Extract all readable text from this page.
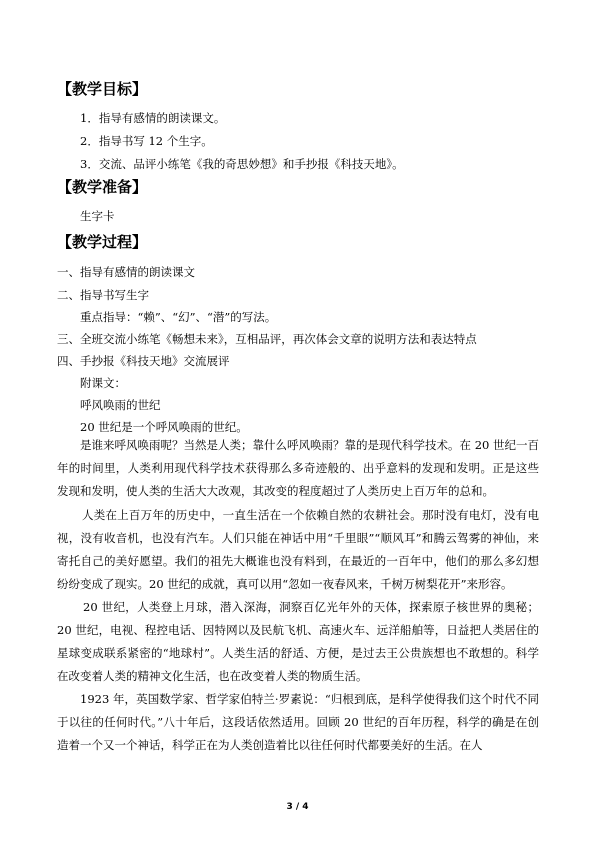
【教学目标】
1．指导有感情的朗读课文。
2．指导书写 12 个生字。
3．交流、品评小练笔《我的奇思妙想》和手抄报《科技天地》。
【教学准备】
生字卡
【教学过程】
一、指导有感情的朗读课文
二、指导书写生字
重点指导：“赖”、“幻”、“潜”的写法。
三、全班交流小练笔《畅想未来》，互相品评，再次体会文章的说明方法和表达特点
四、手抄报《科技天地》交流展评
附课文：
呼风唤雨的世纪
20 世纪是一个呼风唤雨的世纪。

是谁来呼风唤雨呢？当然是人类；靠什么呼风唤雨？靠的是现代科学技术。在 20 世纪一百年的时间里，人类利用现代科学技术获得那么多奇迹般的、出乎意料的发现和发明。正是这些发现和发明，使人类的生活大大改观，其改变的程度超过了人类历史上百万年的总和。

人类在上百万年的历史中，一直生活在一个依赖自然的农耕社会。那时没有电灯，没有电视，没有收音机，也没有汽车。人们只能在神话中用“千里眼”“顺风耳”和腾云驾雾的神仙，来寄托自己的美好愿望。我们的祖先大概谁也没有料到，在最近的一百年中，他们的那么多幻想纷纷变成了现实。20 世纪的成就，真可以用“忽如一夜春风来，千树万树梨花开”来形容。

20 世纪，人类登上月球，潜入深海，洞察百亿光年外的天体，探索原子核世界的奥秘；20 世纪，电视、程控电话、因特网以及民航飞机、高速火车、远洋船舶等，日益把人类居住的星球变成联系紧密的“地球村”。人类生活的舒适、方便，是过去王公贵族想也不敢想的。科学在改变着人类的精神文化生活，也在改变着人类的物质生活。

1923 年，英国数学家、哲学家伯特兰·罗素说：“归根到底，是科学使得我们这个时代不同于以往的任何时代。”八十年后，这段话依然适用。回顾 20 世纪的百年历程，科学的确是在创造着一个又一个神话，科学正在为人类创造着比以往任何时代都要美好的生活。在人

3 / 4
